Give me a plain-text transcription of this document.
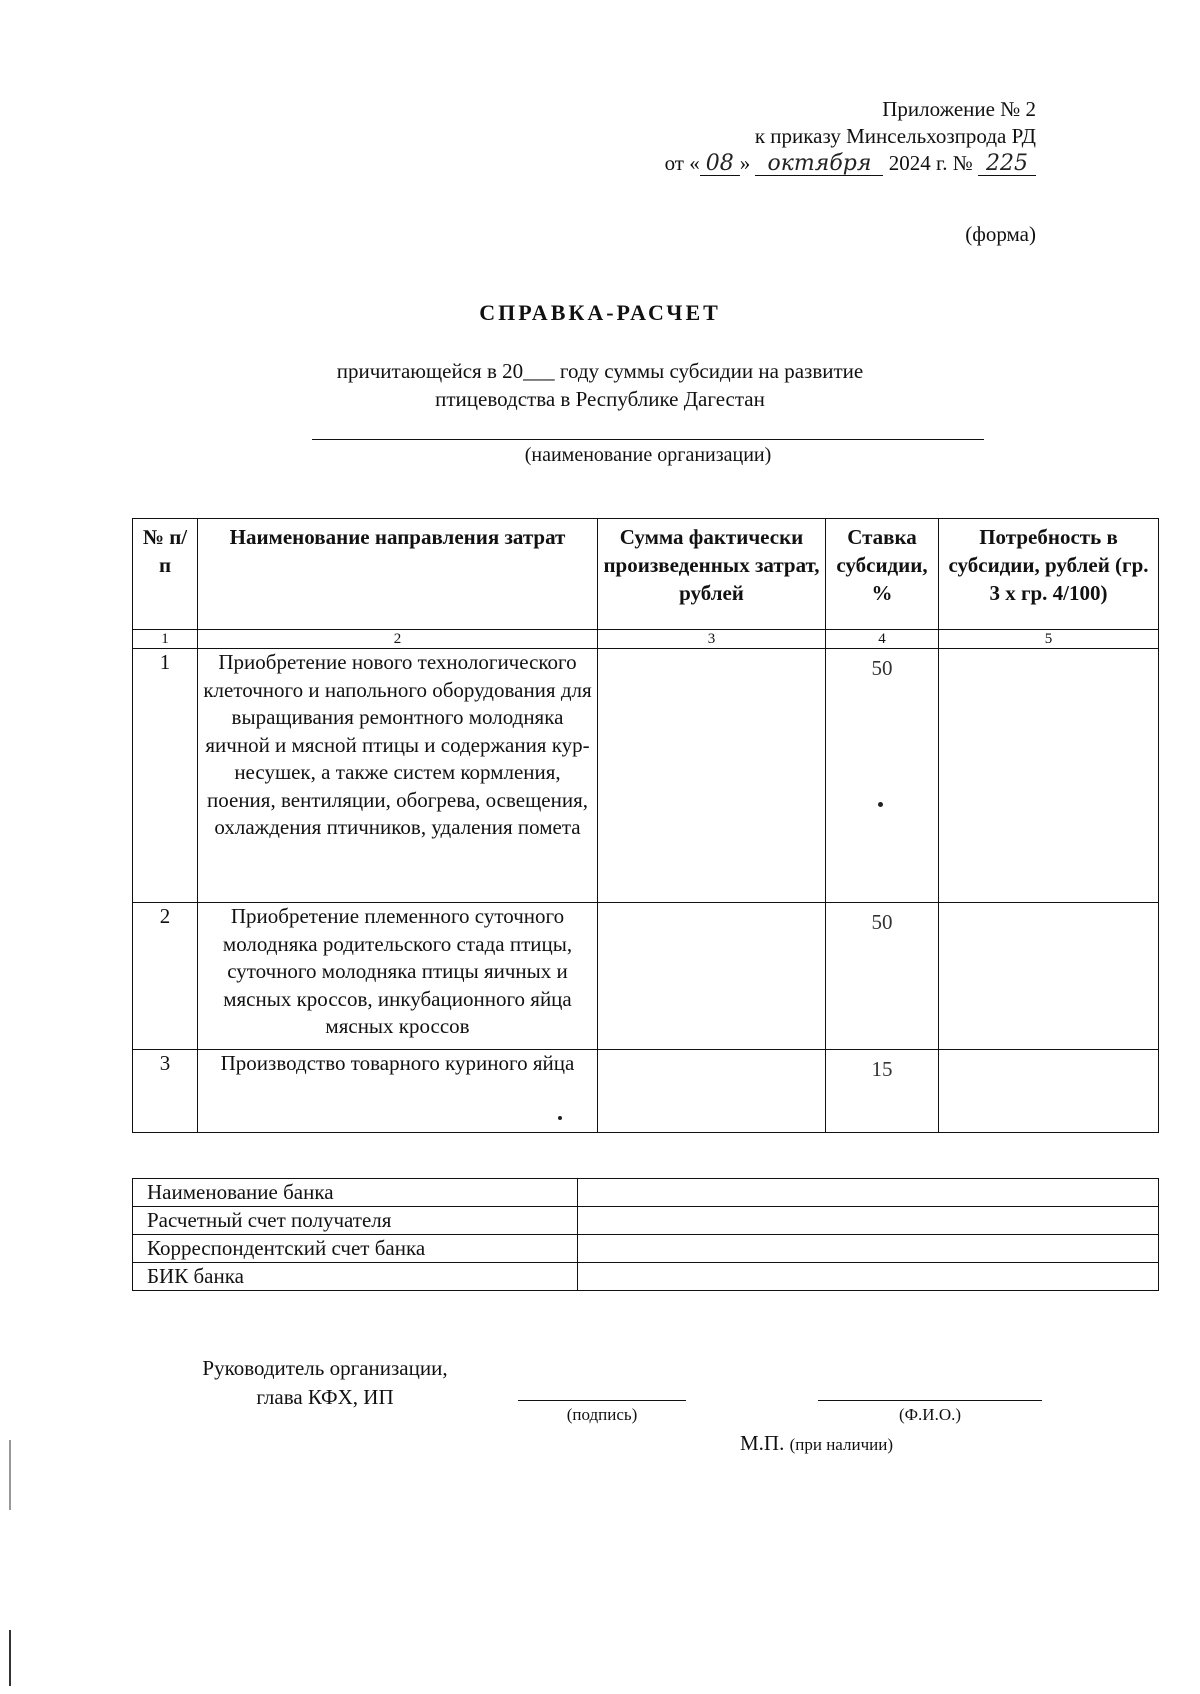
Приложение № 2
к приказу Минсельхозпрода РД
от « 08 » октября 2024 г. № 225
(форма)
СПРАВКА-РАСЧЕТ
причитающейся в 20___ году суммы субсидии на развитие
птицеводства в Республике Дагестан
(наименование организации)
№ п/п	Наименование направления затрат	Сумма фактически произведенных затрат, рублей	Ставка субсидии, %	Потребность в субсидии, рублей (гр. 3 х гр. 4/100)
1	2	3	4	5
1	Приобретение нового технологического клеточного и напольного оборудования для выращивания ремонтного молодняка яичной и мясной птицы и содержания кур-несушек, а также систем кормления, поения, вентиляции, обогрева, освещения, охлаждения птичников, удаления помета		50	
2	Приобретение племенного суточного молодняка родительского стада птицы, суточного молодняка птицы яичных и мясных кроссов, инкубационного яйца мясных кроссов		50	
3	Производство товарного куриного яйца		15	
Наименование банка	
Расчетный счет получателя	
Корреспондентский счет банка	
БИК банка	
Руководитель организации,
глава КФХ, ИП
(подпись)	(Ф.И.О.)
М.П. (при наличии)
